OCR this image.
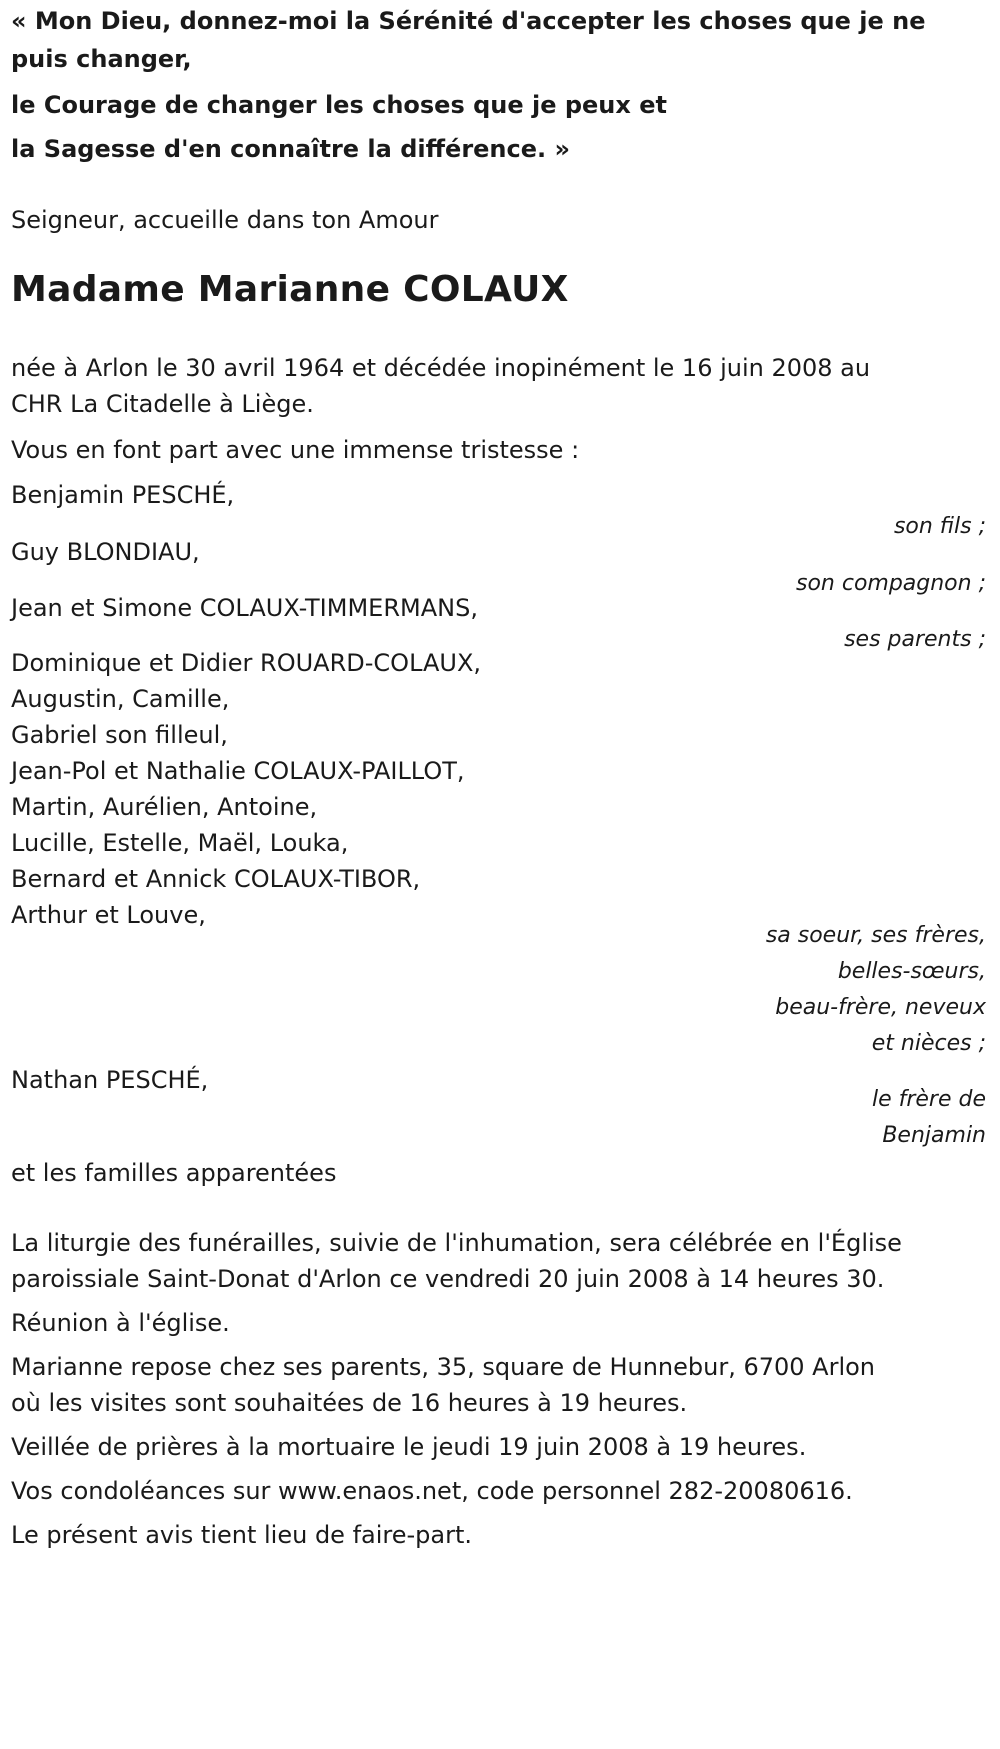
« Mon Dieu, donnez-moi la Sérénité d'accepter les choses que je ne
puis changer,
le Courage de changer les choses que je peux et
la Sagesse d'en connaître la différence. »
Seigneur, accueille dans ton Amour
Madame Marianne COLAUX
née à Arlon le 30 avril 1964 et décédée inopinément le 16 juin 2008 au
CHR La Citadelle à Liège.
Vous en font part avec une immense tristesse :
Benjamin PESCHÉ,
son fils ;
Guy BLONDIAU,
son compagnon ;
Jean et Simone COLAUX-TIMMERMANS,
ses parents ;
Dominique et Didier ROUARD-COLAUX,
Augustin, Camille,
Gabriel son filleul,
Jean-Pol et Nathalie COLAUX-PAILLOT,
Martin, Aurélien, Antoine,
Lucille, Estelle, Maël, Louka,
Bernard et Annick COLAUX-TIBOR,
Arthur et Louve,
sa soeur, ses frères,
belles-sœurs,
beau-frère, neveux
et nièces ;
Nathan PESCHÉ,
le frère de
Benjamin
et les familles apparentées

La liturgie des funérailles, suivie de l'inhumation, sera célébrée en l'Église

paroissiale Saint-Donat d'Arlon ce vendredi 20 juin 2008 à 14 heures 30.

Réunion à l'église.

Marianne repose chez ses parents, 35, square de Hunnebur, 6700 Arlon

où les visites sont souhaitées de 16 heures à 19 heures.

Veillée de prières à la mortuaire le jeudi 19 juin 2008 à 19 heures.

Vos condoléances sur www.enaos.net, code personnel 282-20080616.

Le présent avis tient lieu de faire-part.
